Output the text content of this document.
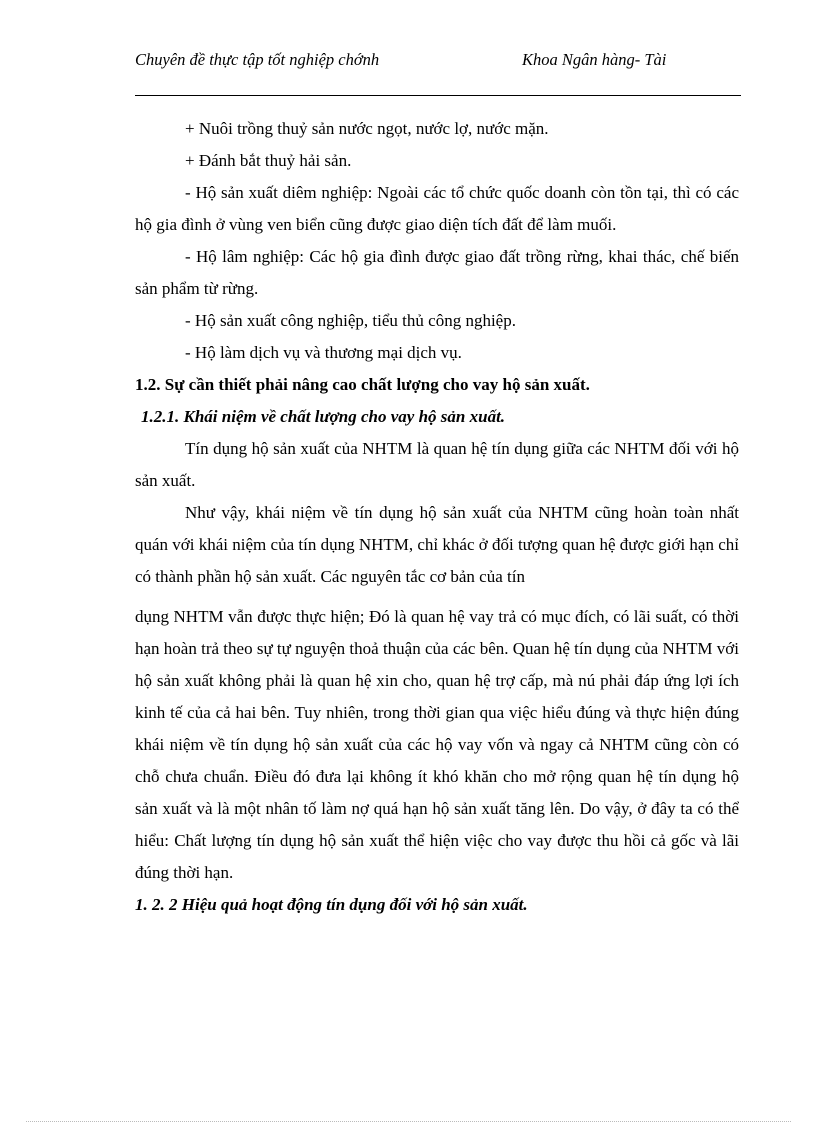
Chuyên đề thực tập tốt nghiệp chớnh	Khoa Ngân hàng- Tài

+ Nuôi trồng thuỷ sản nước ngọt, nước lợ, nước mặn.

+ Đánh bắt thuỷ hải sản.

- Hộ sản xuất diêm nghiệp: Ngoài các tổ chức quốc doanh còn tồn tại, thì có các hộ gia đình ở vùng ven biển cũng được giao diện tích đất để làm muối.

- Hộ lâm nghiệp: Các hộ gia đình được giao đất trồng rừng, khai thác, chế biến sản phẩm từ rừng.

- Hộ sản xuất công nghiệp, tiểu thủ công nghiệp.

- Hộ làm dịch vụ và thương mại dịch vụ.

1.2. Sự cần thiết phải nâng cao chất lượng cho vay hộ sản xuất.

1.2.1. Khái niệm về chất lượng cho vay hộ sản xuất.

Tín dụng hộ sản xuất của NHTM là quan hệ tín dụng giữa các NHTM đối với hộ sản xuất.

Như vậy, khái niệm về tín dụng hộ sản xuất của NHTM cũng hoàn toàn nhất quán với khái niệm của tín dụng NHTM, chỉ khác ở đối tượng quan hệ được giới hạn chỉ có thành phần hộ sản xuất. Các nguyên tắc cơ bản của tín

dụng NHTM vẫn được thực hiện; Đó là quan hệ vay trả có mục đích, có lãi suất, có thời hạn hoàn trả theo sự tự nguyện thoả thuận của các bên. Quan hệ tín dụng của NHTM với hộ sản xuất không phải là quan hệ xin cho, quan hệ trợ cấp, mà nú phải đáp ứng lợi ích kinh tế của cả hai bên. Tuy nhiên, trong thời gian qua việc hiểu đúng và thực hiện đúng khái niệm về tín dụng hộ sản xuất của các hộ vay vốn và ngay cả NHTM cũng còn có chỗ chưa chuẩn. Điều đó đưa lại không ít khó khăn cho mở rộng quan hệ tín dụng hộ sản xuất và là một nhân tố làm nợ quá hạn hộ sản xuất tăng lên. Do vậy, ở đây ta có thể hiểu: Chất lượng tín dụng hộ sản xuất thể hiện việc cho vay được thu hồi cả gốc và lãi đúng thời hạn.

1. 2. 2 Hiệu quả hoạt động tín dụng đối với hộ sản xuất.
